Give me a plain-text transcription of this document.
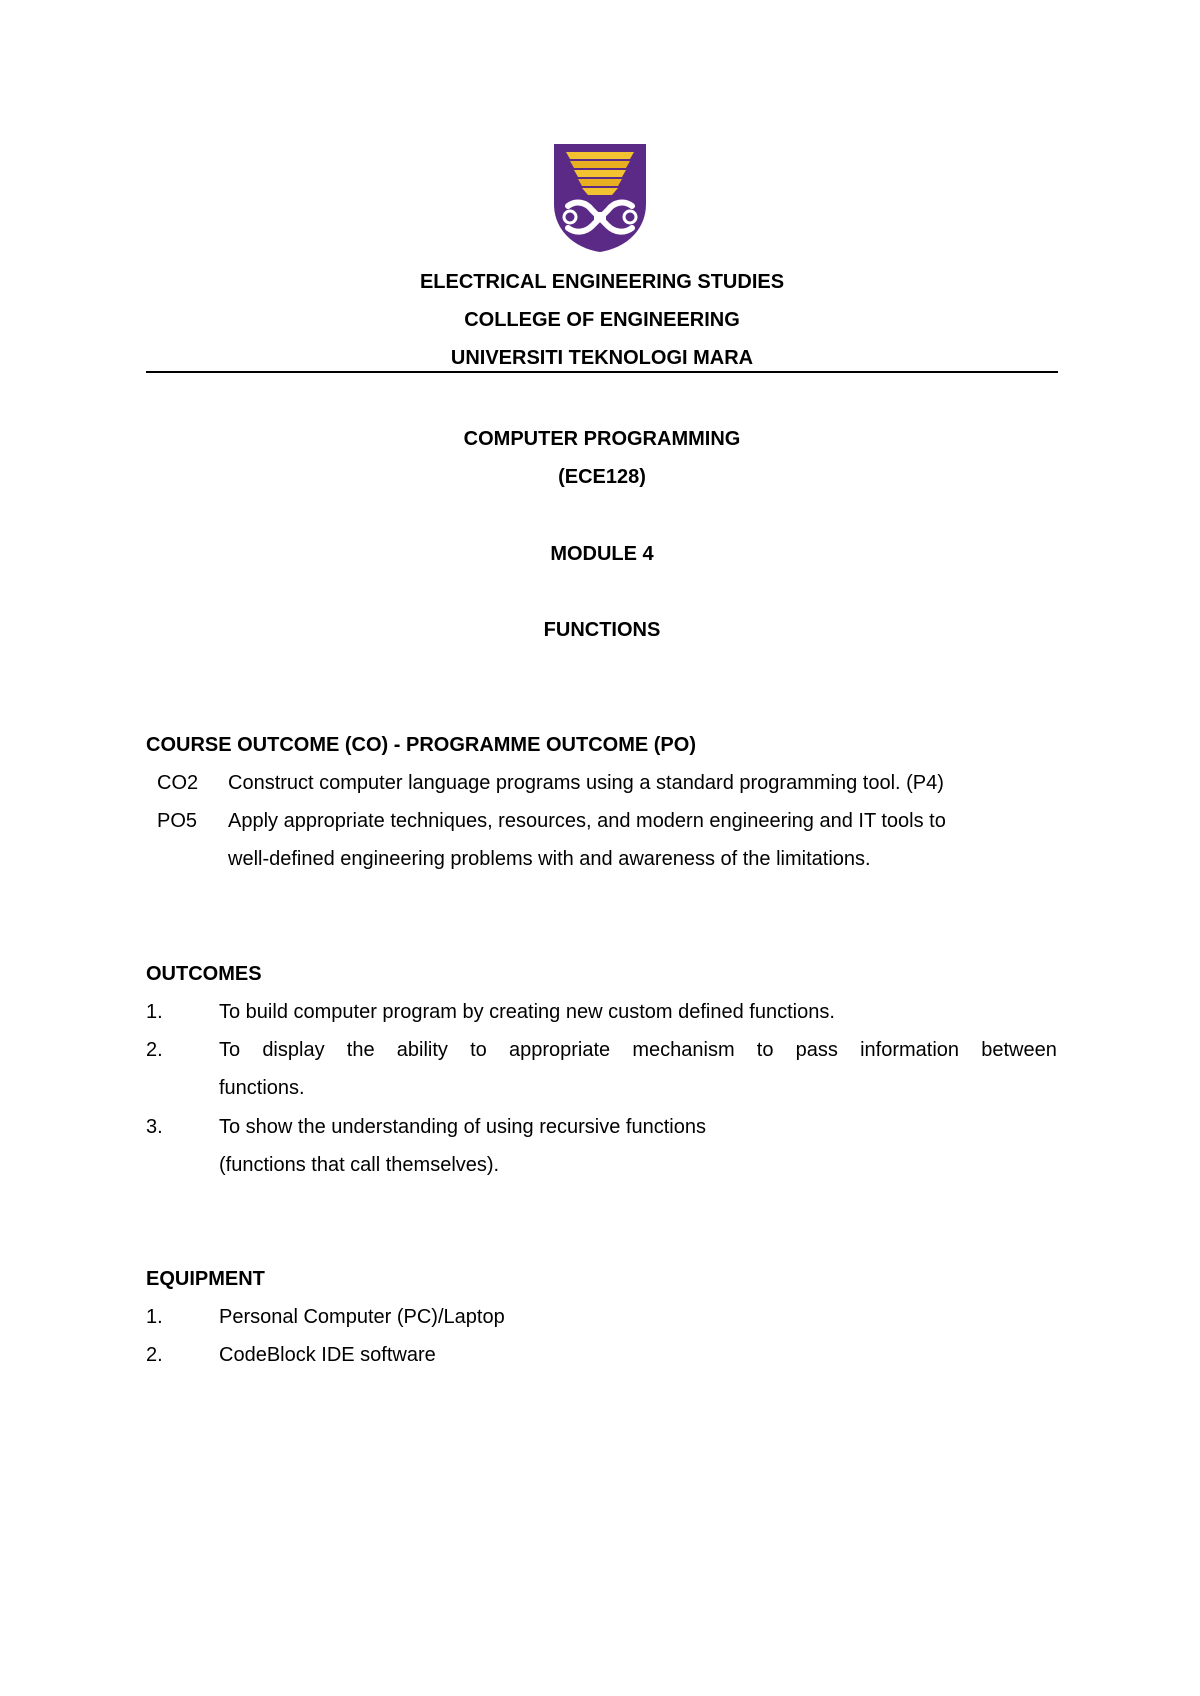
ELECTRICAL ENGINEERING STUDIES
COLLEGE OF ENGINEERING
UNIVERSITI TEKNOLOGI MARA
COMPUTER PROGRAMMING
(ECE128)
MODULE 4
FUNCTIONS
COURSE OUTCOME (CO) - PROGRAMME OUTCOME (PO)
CO2 Construct computer language programs using a standard programming tool. (P4)
PO5 Apply appropriate techniques, resources, and modern engineering and IT tools to
well-defined engineering problems with and awareness of the limitations.
OUTCOMES
1.	To build computer program by creating new custom defined functions.
2.	To display the ability to appropriate mechanism to pass information between
functions.
3.	To show the understanding of using recursive functions
(functions that call themselves).
EQUIPMENT
1.	Personal Computer (PC)/Laptop
2.	CodeBlock IDE software
